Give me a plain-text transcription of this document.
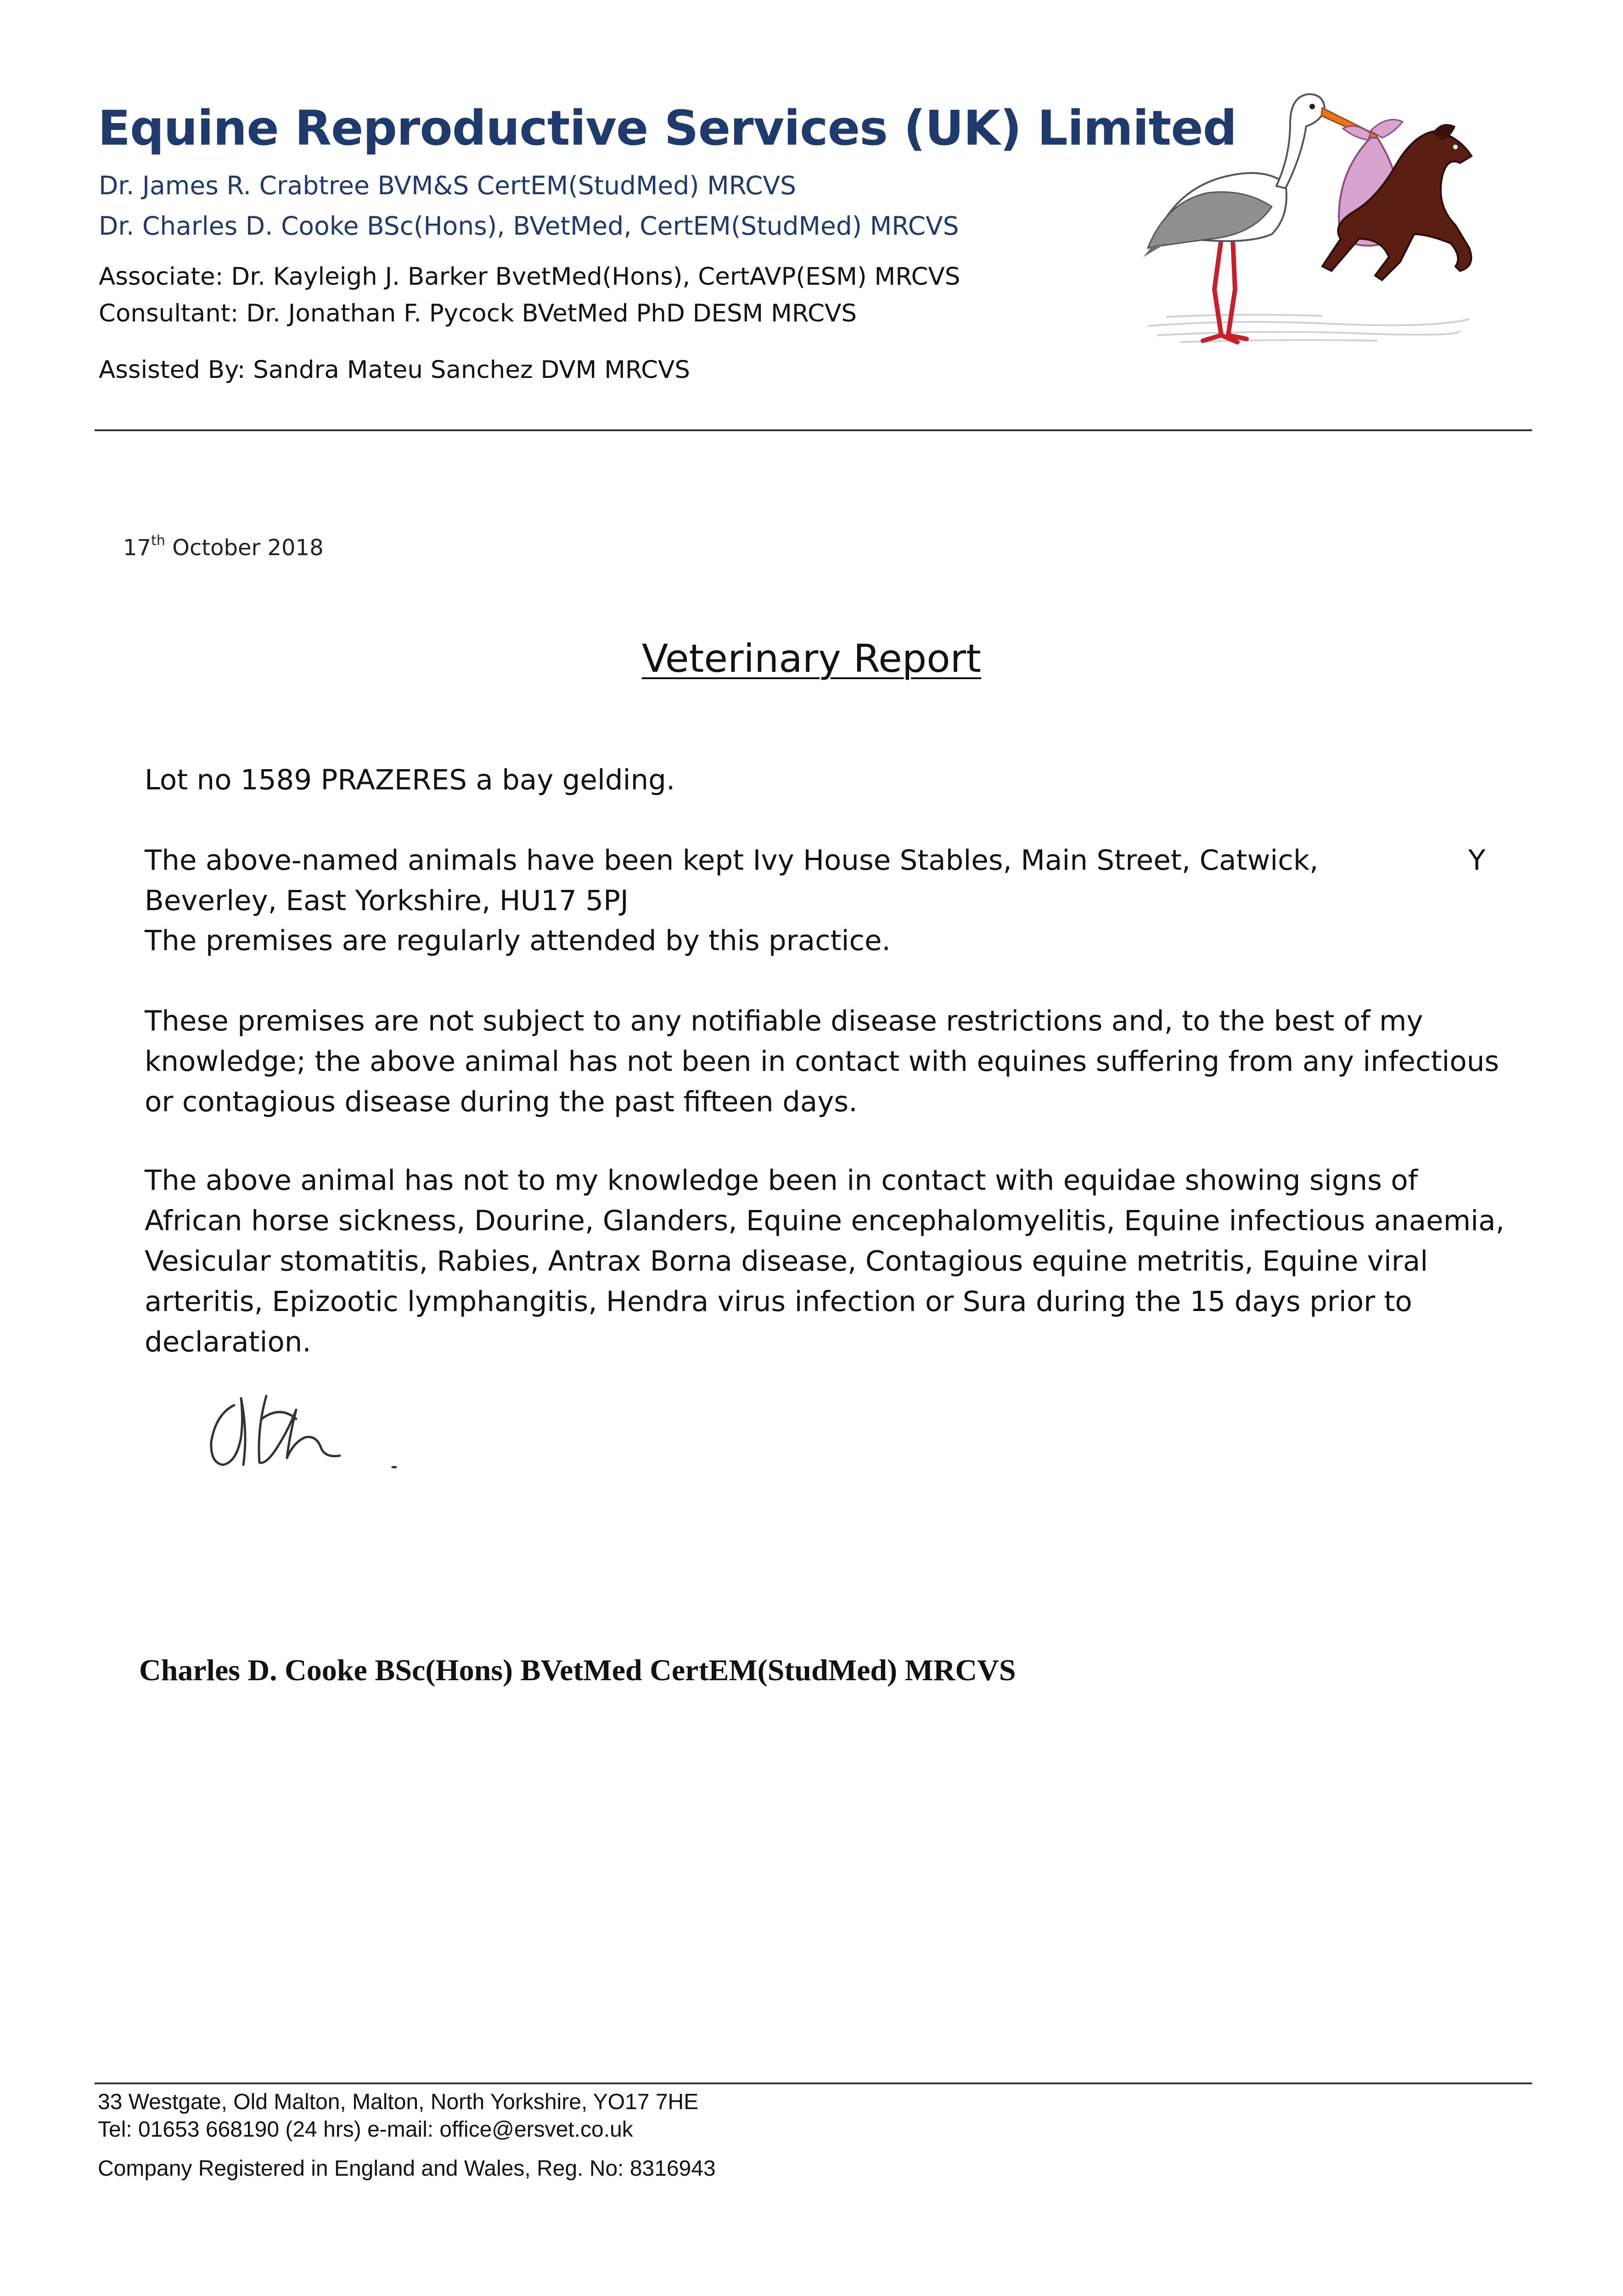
Equine Reproductive Services (UK) Limited
Dr. James R. Crabtree BVM&S CertEM(StudMed) MRCVS
Dr. Charles D. Cooke BSc(Hons), BVetMed, CertEM(StudMed) MRCVS
Associate: Dr. Kayleigh J. Barker BvetMed(Hons), CertAVP(ESM) MRCVS
Consultant: Dr. Jonathan F. Pycock BVetMed PhD DESM MRCVS
Assisted By: Sandra Mateu Sanchez DVM MRCVS
17th October 2018
Veterinary Report
Lot no 1589 PRAZERES a bay gelding.
The above-named animals have been kept Ivy House Stables, Main Street, Catwick, Beverley, East Yorkshire, HU17 5PJ
Y
The premises are regularly attended by this practice.
These premises are not subject to any notifiable disease restrictions and, to the best of my knowledge; the above animal has not been in contact with equines suffering from any infectious or contagious disease during the past fifteen days.
The above animal has not to my knowledge been in contact with equidae showing signs of African horse sickness, Dourine, Glanders, Equine encephalomyelitis, Equine infectious anaemia, Vesicular stomatitis, Rabies, Antrax Borna disease, Contagious equine metritis, Equine viral arteritis, Epizootic lymphangitis, Hendra virus infection or Sura during the 15 days prior to declaration.
Charles D. Cooke BSc(Hons) BVetMed CertEM(StudMed) MRCVS
33 Westgate, Old Malton, Malton, North Yorkshire, YO17 7HE
Tel: 01653 668190 (24 hrs) e-mail: office@ersvet.co.uk
Company Registered in England and Wales, Reg. No: 8316943
